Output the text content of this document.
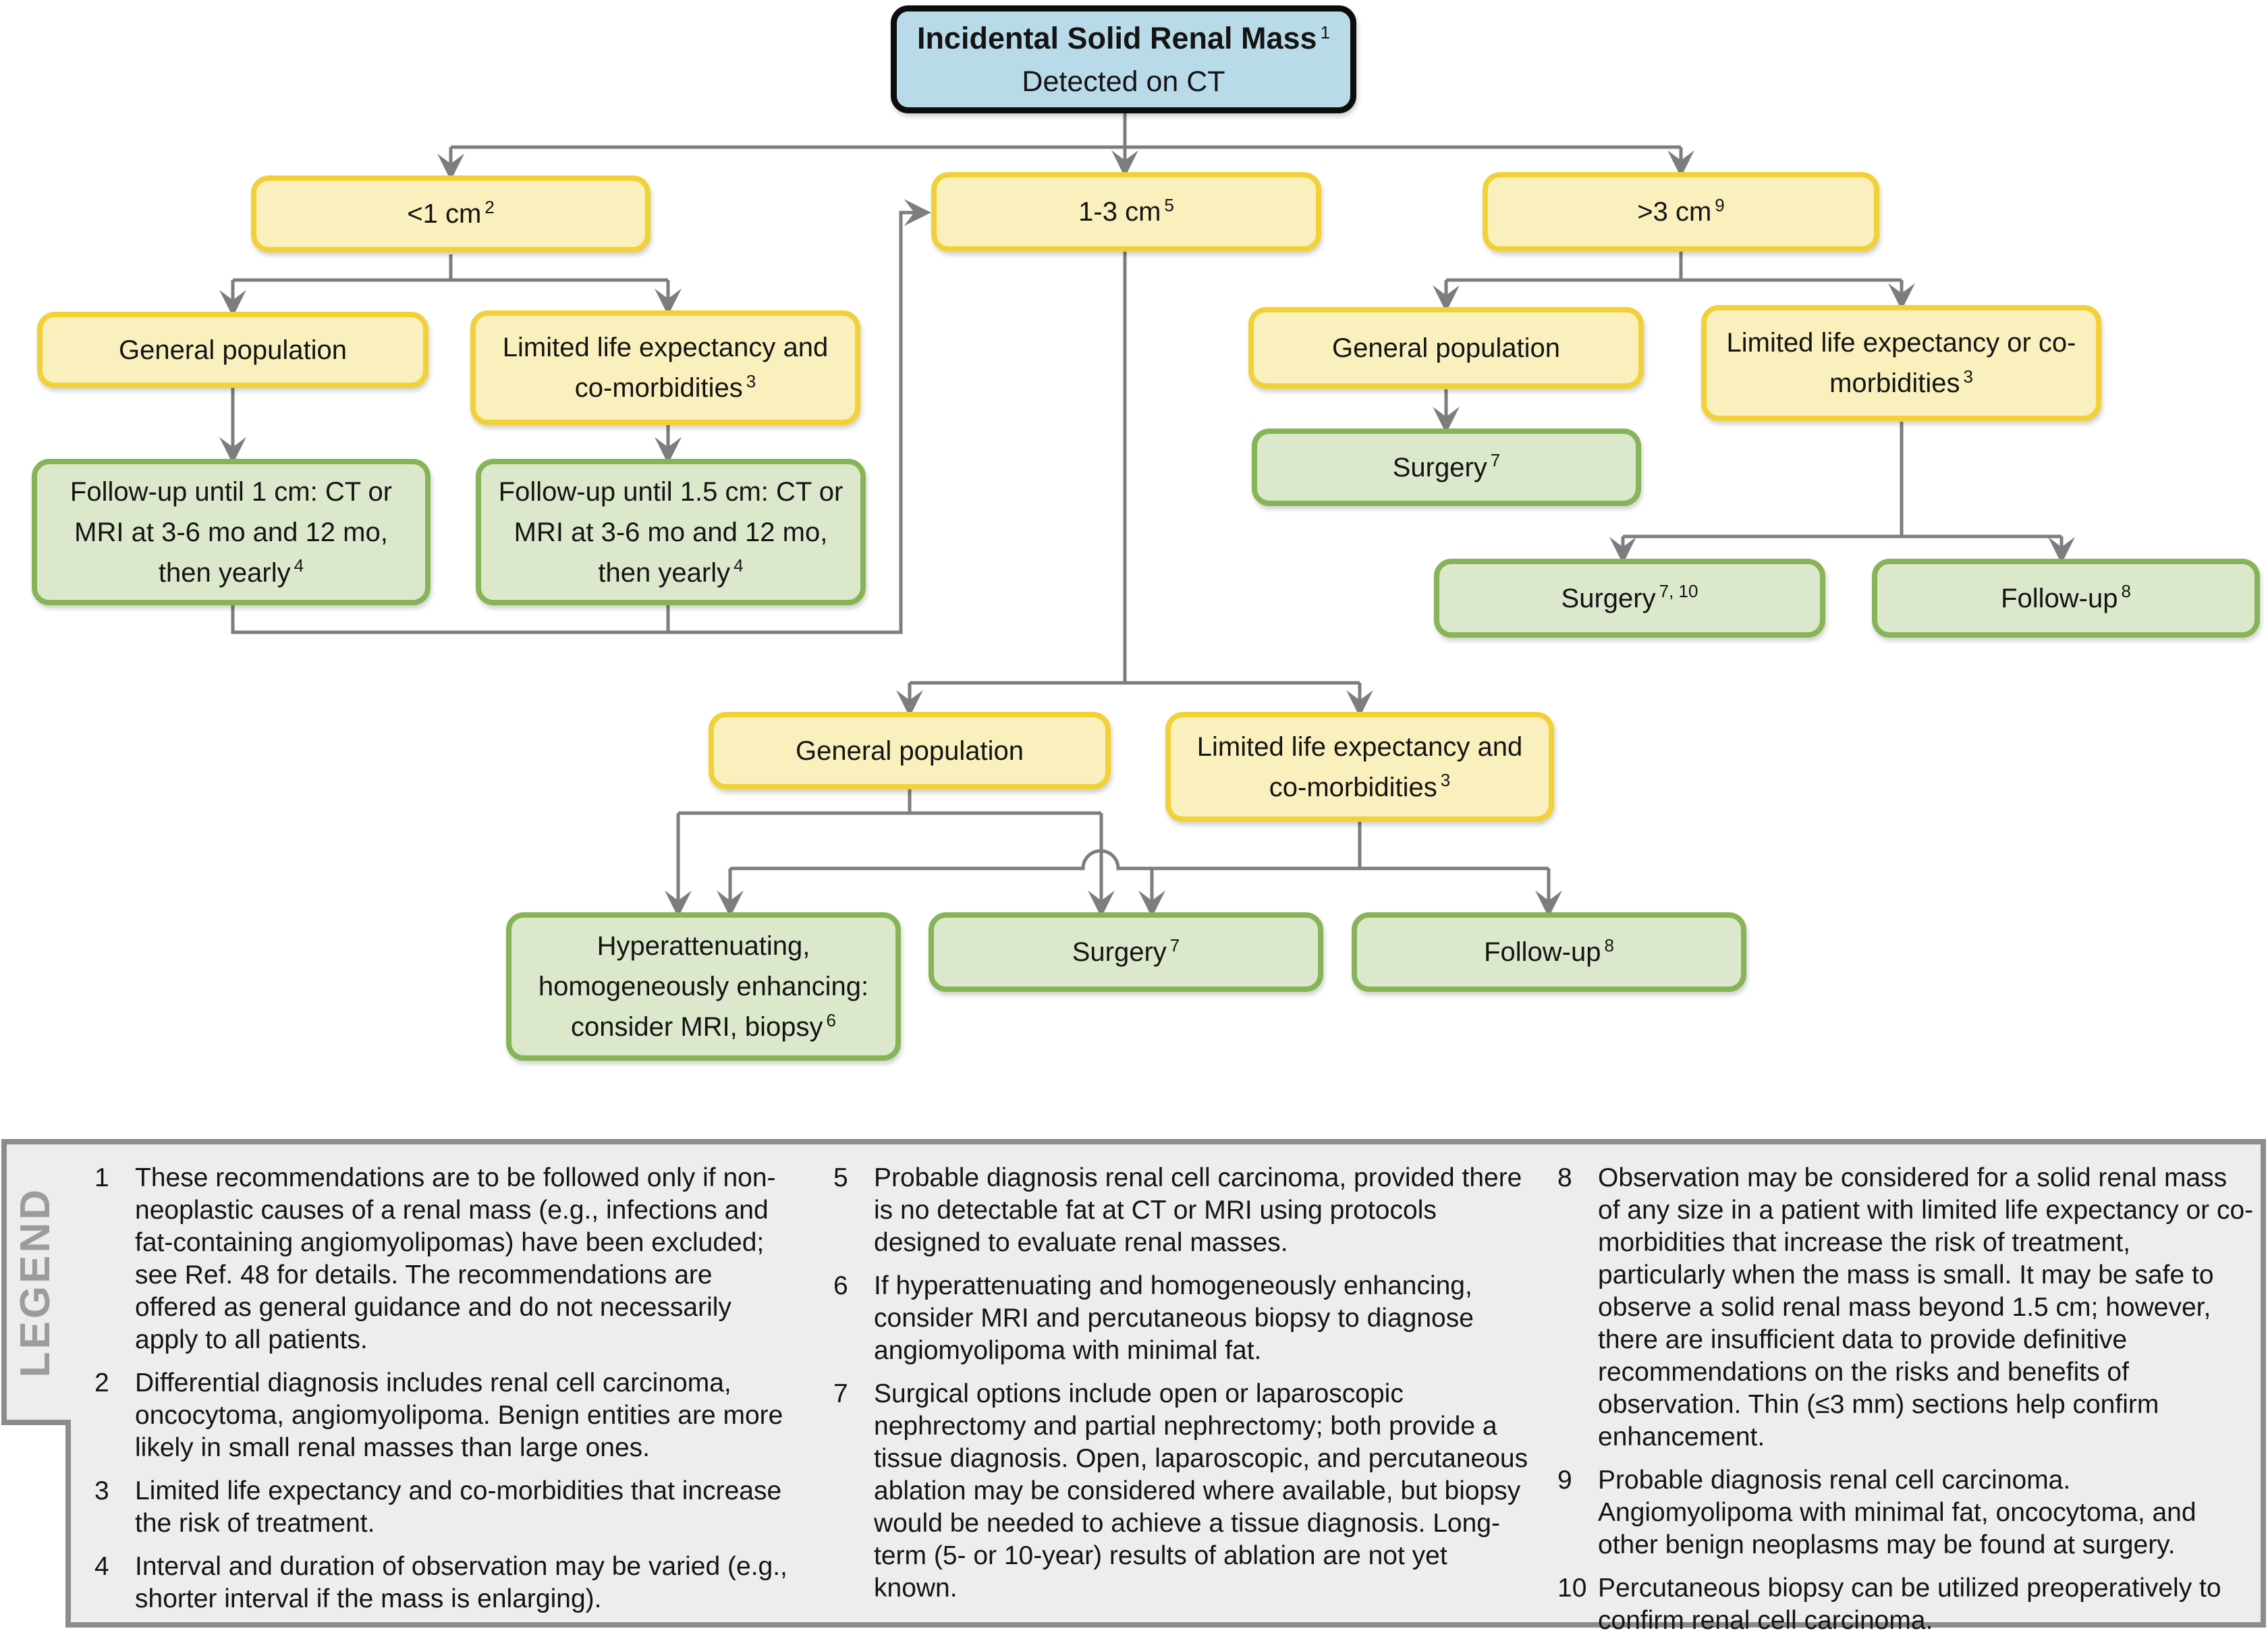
Incidental Solid Renal Mass $^1$
Detected on CT
<1 cm $^2$	1-3 cm $^5$	>3 cm $^9$
General population	Limited life expectancy and co-morbidities $^3$
Follow-up until 1 cm: CT or MRI at 3-6 mo and 12 mo, then yearly $^4$
Follow-up until 1.5 cm: CT or MRI at 3-6 mo and 12 mo, then yearly $^4$
General population	Limited life expectancy and co-morbidities $^3$
Hyperattenuating, homogeneously enhancing: consider MRI, biopsy $^6$
Surgery $^7$	Follow-up $^8$
General population	Limited life expectancy or co-morbidities $^3$
Surgery $^7$
Surgery $^{7, 10}$	Follow-up $^8$
LEGEND
1 These recommendations are to be followed only if non-neoplastic causes of a renal mass (e.g., infections and fat-containing angiomyolipomas) have been excluded; see Ref. 48 for details. The recommendations are offered as general guidance and do not necessarily apply to all patients.
2 Differential diagnosis includes renal cell carcinoma, oncocytoma, angiomyolipoma. Benign entities are more likely in small renal masses than large ones.
3 Limited life expectancy and co-morbidities that increase the risk of treatment.
4 Interval and duration of observation may be varied (e.g., shorter interval if the mass is enlarging).
5 Probable diagnosis renal cell carcinoma, provided there is no detectable fat at CT or MRI using protocols designed to evaluate renal masses.
6 If hyperattenuating and homogeneously enhancing, consider MRI and percutaneous biopsy to diagnose angiomyolipoma with minimal fat.
7 Surgical options include open or laparoscopic nephrectomy and partial nephrectomy; both provide a tissue diagnosis. Open, laparoscopic, and percutaneous ablation may be considered where available, but biopsy would be needed to achieve a tissue diagnosis. Long-term (5- or 10-year) results of ablation are not yet known.
8 Observation may be considered for a solid renal mass of any size in a patient with limited life expectancy or co-morbidities that increase the risk of treatment, particularly when the mass is small. It may be safe to observe a solid renal mass beyond 1.5 cm; however, there are insufficient data to provide definitive recommendations on the risks and benefits of observation. Thin (≤3 mm) sections help confirm enhancement.
9 Probable diagnosis renal cell carcinoma. Angiomyolipoma with minimal fat, oncocytoma, and other benign neoplasms may be found at surgery.
10 Percutaneous biopsy can be utilized preoperatively to confirm renal cell carcinoma.
